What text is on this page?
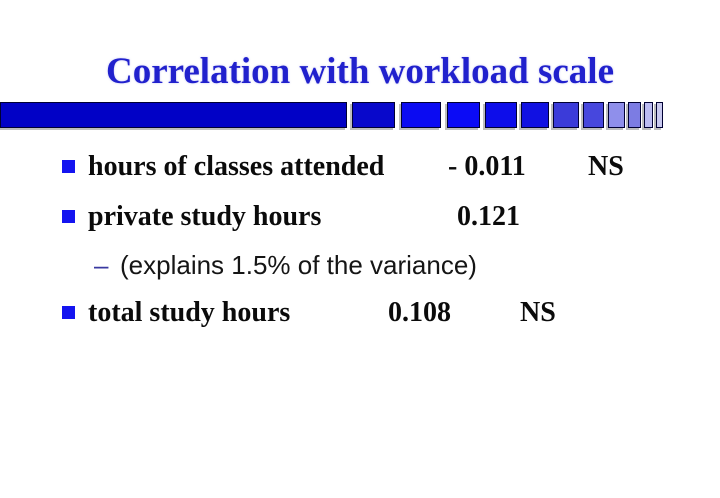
Correlation with workload scale
hours of classes attended - 0.011 NS
private study hours	0.121
– (explains 1.5% of the variance)
total study hours	0.108 NS
